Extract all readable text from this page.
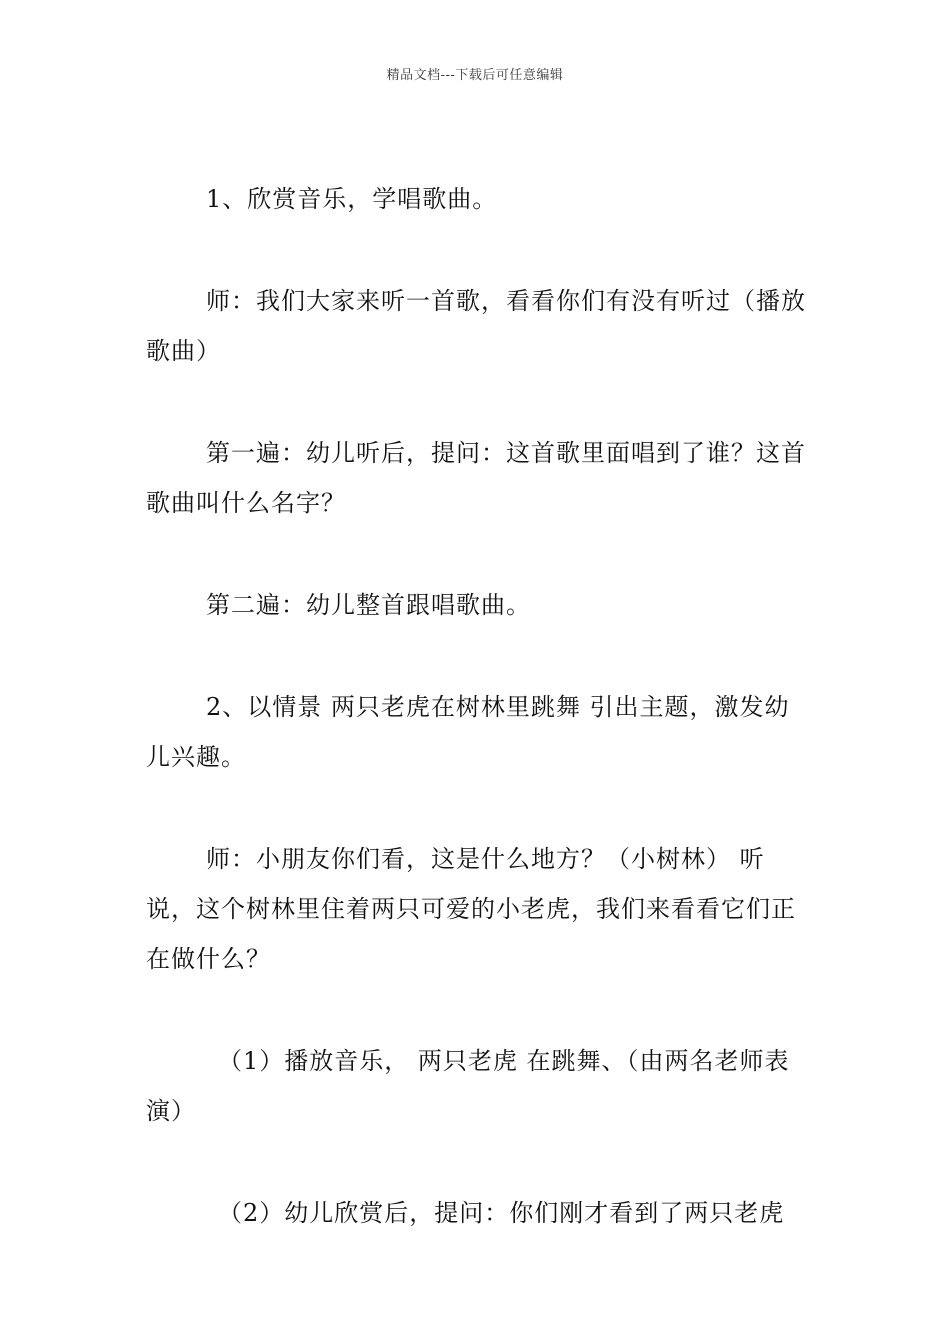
精品文档---下载后可任意编辑

1、欣赏音乐，学唱歌曲。

师：我们大家来听一首歌，看看你们有没有听过（播放歌曲）

第一遍：幼儿听后，提问：这首歌里面唱到了谁？这首歌曲叫什么名字？

第二遍：幼儿整首跟唱歌曲。

2、以情景 两只老虎在树林里跳舞 引出主题，激发幼儿兴趣。

师：小朋友你们看，这是什么地方？（小树林） 听说，这个树林里住着两只可爱的小老虎，我们来看看它们正在做什么？

（1）播放音乐， 两只老虎 在跳舞、（由两名老师表演）

（2）幼儿欣赏后，提问：你们刚才看到了两只老虎
